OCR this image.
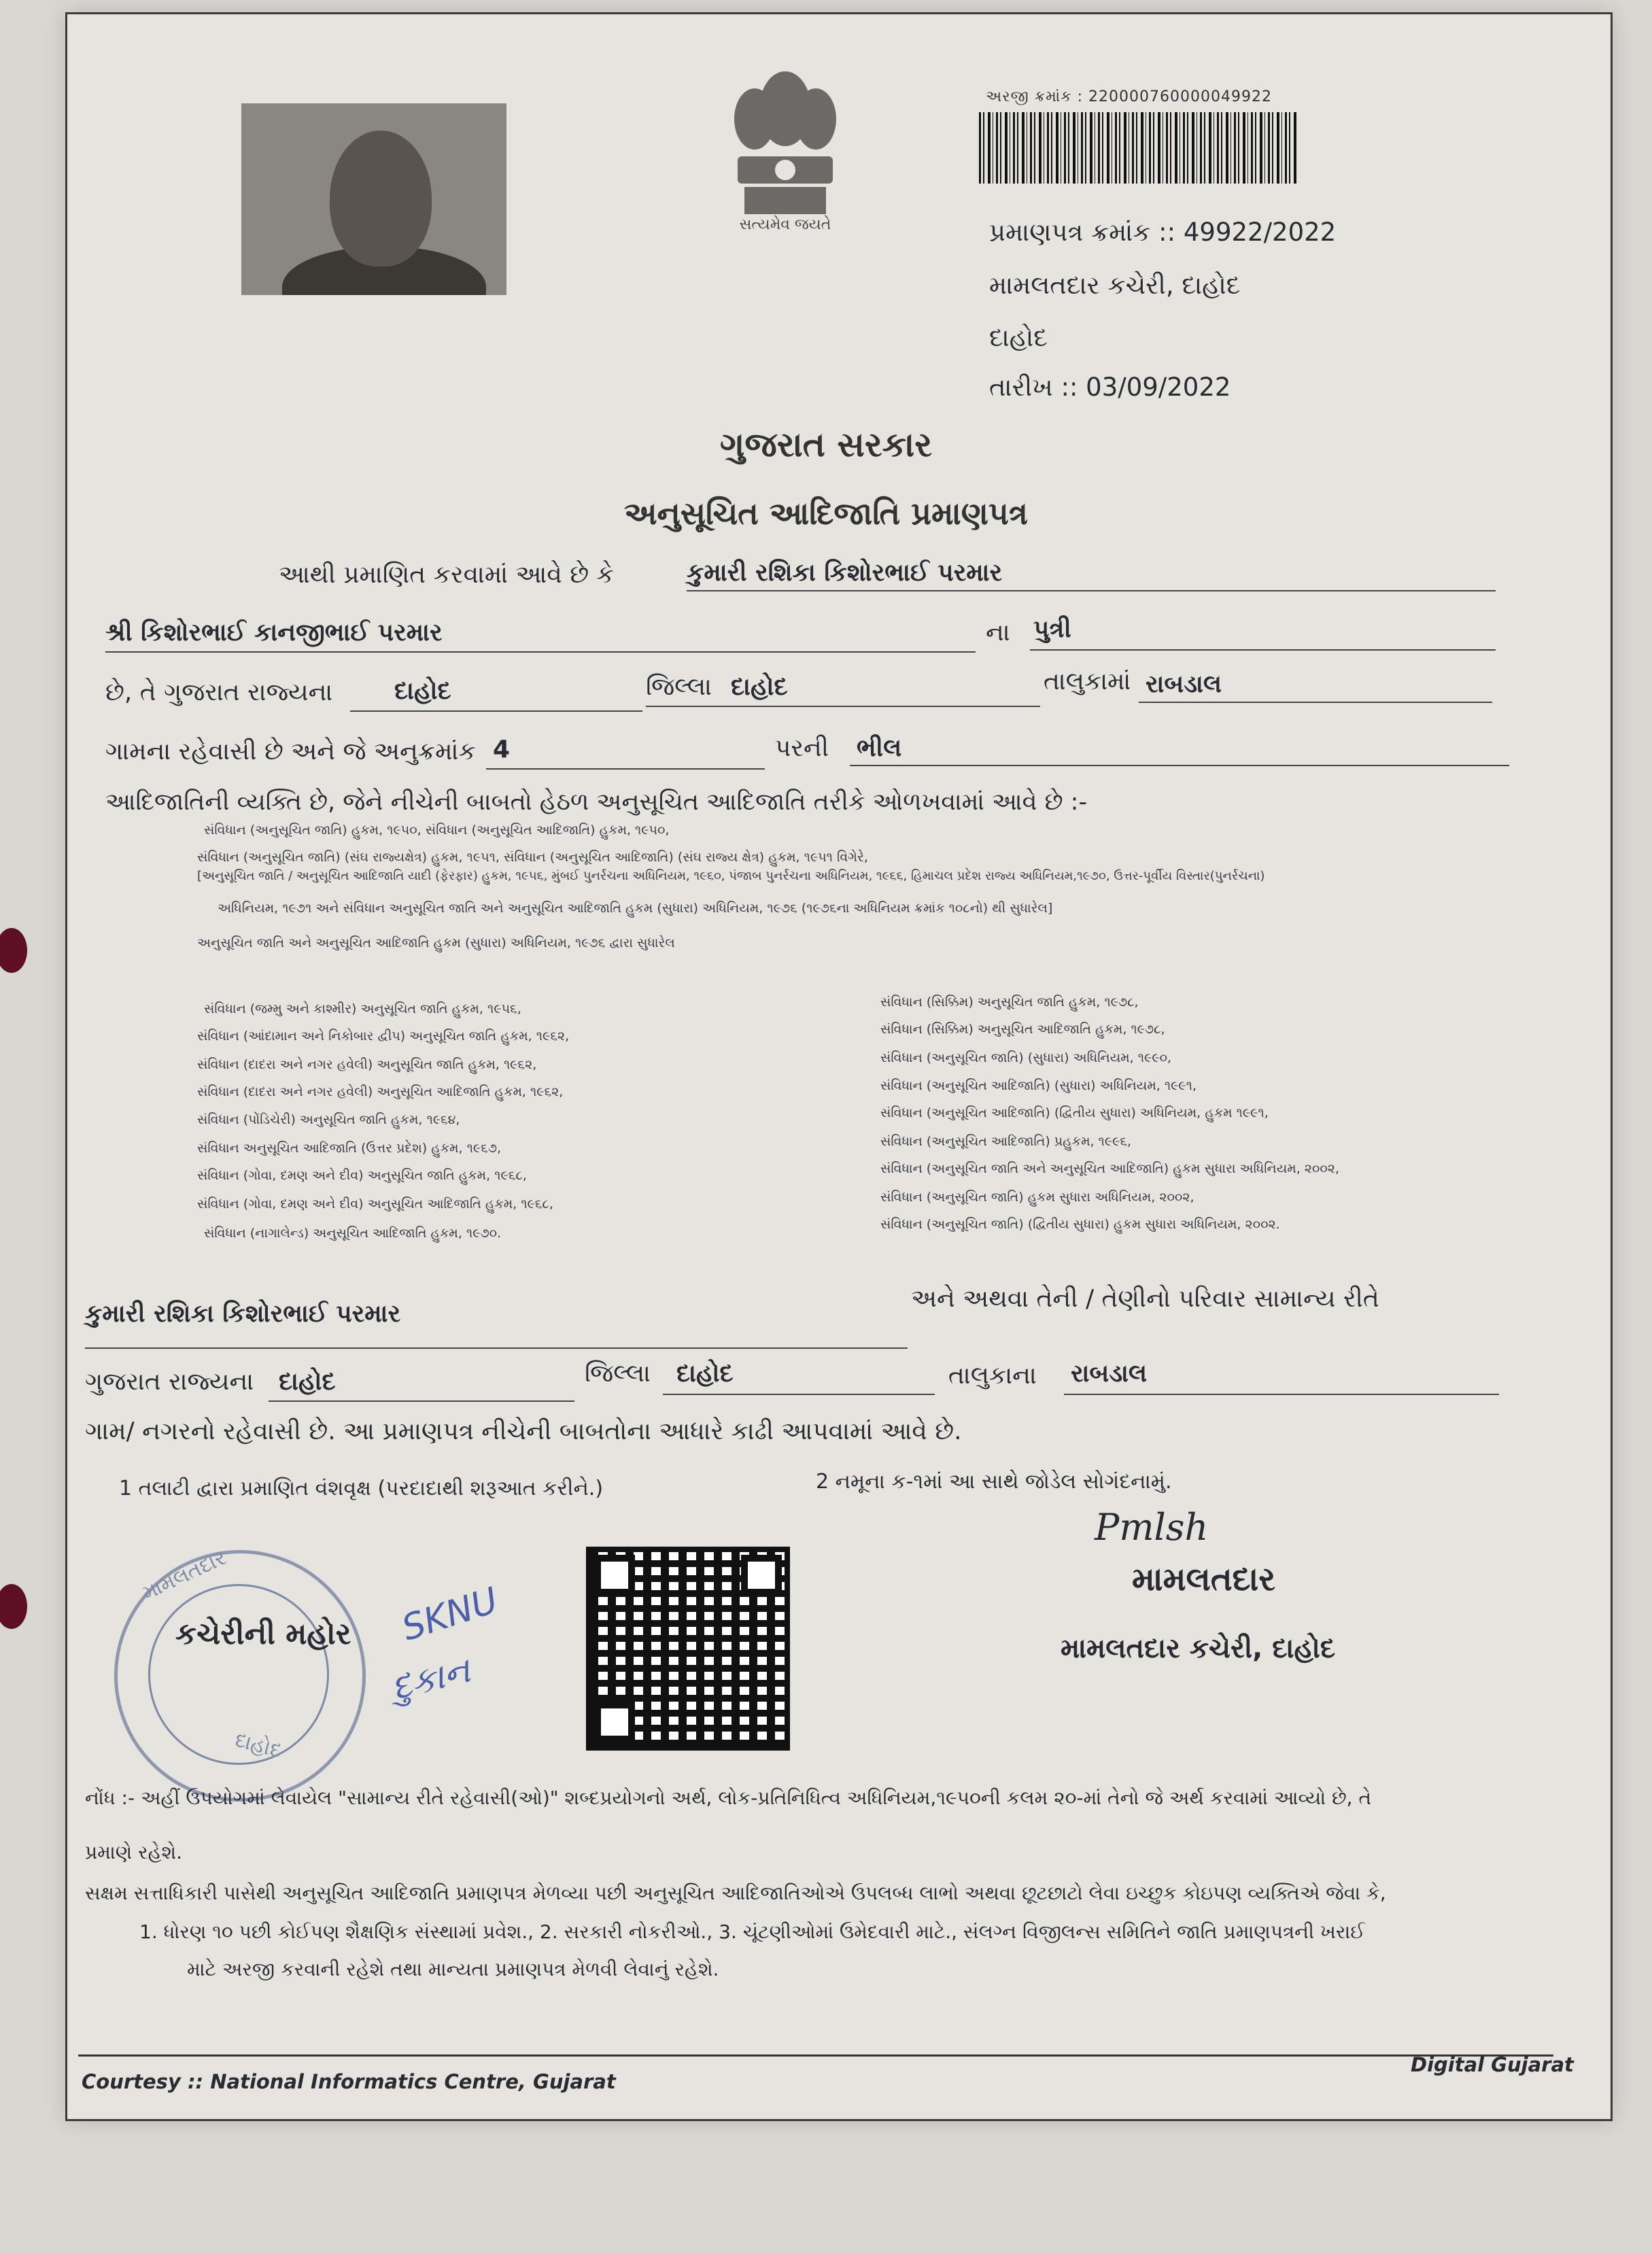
સત્યમેવ જયતે
અરજી ક્રમાંક : 220000760000049922
પ્રમાણપત્ર ક્રમાંક :: 49922/2022
મામલતદાર કચેરી, દાહોદ
દાહોદ
તારીખ :: 03/09/2022
ગુજરાત સરકાર
અનુસૂચિત આદિજાતિ પ્રમાણપત્ર
આથી પ્રમાણિત કરવામાં આવે છે કે	કુમારી રશિકા કિશોરભાઈ પરમાર
શ્રી કિશોરભાઈ કાનજીભાઈ પરમાર	ના પુત્રી
છે, તે ગુજરાત રાજ્યના	દાહોદ	જિલ્લા દાહોદ	તાલુકામાં રાબડાલ
ગામના રહેવાસી છે અને જે અનુક્રમાંક 4	પરની ભીલ
આદિજાતિની વ્યક્તિ છે, જેને નીચેની બાબતો હેઠળ અનુસૂચિત આદિજાતિ તરીકે ઓળખવામાં આવે છે :-
સંવિધાન (અનુસૂચિત જાતિ) હુકમ, ૧૯૫૦, સંવિધાન (અનુસૂચિત આદિજાતિ) હુકમ, ૧૯૫૦,
સંવિધાન (અનુસૂચિત જાતિ) (સંઘ રાજ્યક્ષેત્ર) હુકમ, ૧૯૫૧, સંવિધાન (અનુસૂચિત આદિજાતિ) (સંઘ રાજ્ય ક્ષેત્ર) હુકમ, ૧૯૫૧ વિગેરે,
[અનુસૂચિત જાતિ / અનુસૂચિત આદિજાતિ યાદી (ફેરફાર) હુકમ, ૧૯૫૬, મુંબઈ પુનર્રચના અધિનિયમ, ૧૯૬૦, પંજાબ પુનર્રચના અધિનિયમ, ૧૯૬૬, હિમાચલ પ્રદેશ રાજ્ય અધિનિયમ,૧૯૭૦, ઉત્તર-પૂર્વીય વિસ્તાર(પુનર્રચના)
અધિનિયમ, ૧૯૭૧ અને સંવિધાન અનુસૂચિત જાતિ અને અનુસૂચિત આદિજાતિ હુકમ (સુધારા) અધિનિયમ, ૧૯૭૬ (૧૯૭૬ના અધિનિયમ ક્રમાંક ૧૦૮નો) થી સુધારેલ]
અનુસૂચિત જાતિ અને અનુસૂચિત આદિજાતિ હુકમ (સુધારા) અધિનિયમ, ૧૯૭૬ દ્વારા સુધારેલ
સંવિધાન (જમ્મુ અને કાશ્મીર) અનુસૂચિત જાતિ હુકમ, ૧૯૫૬,
સંવિધાન (આંદામાન અને નિકોબાર દ્વીપ) અનુસૂચિત જાતિ હુકમ, ૧૯૬૨,
સંવિધાન (દાદરા અને નગર હવેલી) અનુસૂચિત જાતિ હુકમ, ૧૯૬૨,
સંવિધાન (દાદરા અને નગર હવેલી) અનુસૂચિત આદિજાતિ હુકમ, ૧૯૬૨,
સંવિધાન (પોંડિચેરી) અનુસૂચિત જાતિ હુકમ, ૧૯૬૪,
સંવિધાન અનુસૂચિત આદિજાતિ (ઉત્તર પ્રદેશ) હુકમ, ૧૯૬૭,
સંવિધાન (ગોવા, દમણ અને દીવ) અનુસૂચિત જાતિ હુકમ, ૧૯૬૮,
સંવિધાન (ગોવા, દમણ અને દીવ) અનુસૂચિત આદિજાતિ હુકમ, ૧૯૬૮,
સંવિધાન (નાગાલેન્ડ) અનુસૂચિત આદિજાતિ હુકમ, ૧૯૭૦.
સંવિધાન (સિક્કિમ) અનુસૂચિત જાતિ હુકમ, ૧૯૭૮,
સંવિધાન (સિક્કિમ) અનુસૂચિત આદિજાતિ હુકમ, ૧૯૭૮,
સંવિધાન (અનુસૂચિત જાતિ) (સુધારા) અધિનિયમ, ૧૯૯૦,
સંવિધાન (અનુસૂચિત આદિજાતિ) (સુધારા) અધિનિયમ, ૧૯૯૧,
સંવિધાન (અનુસૂચિત આદિજાતિ) (દ્વિતીય સુધારા) અધિનિયમ, હુકમ ૧૯૯૧,
સંવિધાન (અનુસૂચિત આદિજાતિ) પ્રહુકમ, ૧૯૯૬,
સંવિધાન (અનુસૂચિત જાતિ અને અનુસૂચિત આદિજાતિ) હુકમ સુધારા અધિનિયમ, ૨૦૦૨,
સંવિધાન (અનુસૂચિત જાતિ) હુકમ સુધારા અધિનિયમ, ૨૦૦૨,
સંવિધાન (અનુસૂચિત જાતિ) (દ્વિતીય સુધારા) હુકમ સુધારા અધિનિયમ, ૨૦૦૨.
કુમારી રશિકા કિશોરભાઈ પરમાર
અને અથવા તેની / તેણીનો પરિવાર સામાન્ય રીતે
ગુજરાત રાજ્યના દાહોદ	જિલ્લા દાહોદ	તાલુકાના રાબડાલ
ગામ/ નગરનો રહેવાસી છે. આ પ્રમાણપત્ર નીચેની બાબતોના આધારે કાઢી આપવામાં આવે છે.
1 તલાટી દ્વારા પ્રમાણિત વંશવૃક્ષ (પરદાદાથી શરૂઆત કરીને.)	2 નમૂના ક-૧માં આ સાથે જોડેલ સોગંદનામું.
મામલતદાર
દાહોદ
કચેરીની મહોર SKNU
દુકાન
Pmlsh
મામલતદાર
મામલતદાર કચેરી, દાહોદ
નોંધ :- અહીં ઉપયોગમાં લેવાયેલ "સામાન્ય રીતે રહેવાસી(ઓ)" શબ્દપ્રયોગનો અર્થ, લોક-પ્રતિનિધિત્વ અધિનિયમ,૧૯૫૦ની કલમ ૨૦-માં તેનો જે અર્થ કરવામાં આવ્યો છે, તે
પ્રમાણે રહેશે.
સક્ષમ સત્તાધિકારી પાસેથી અનુસૂચિત આદિજાતિ પ્રમાણપત્ર મેળવ્યા પછી અનુસૂચિત આદિજાતિઓએ ઉપલબ્ધ લાભો અથવા છૂટછાટો લેવા ઇચ્છુક કોઇપણ વ્યક્તિએ જેવા કે,
1. ધોરણ ૧૦ પછી કોઈપણ શૈક્ષણિક સંસ્થામાં પ્રવેશ., 2. સરકારી નોકરીઓ., 3. ચૂંટણીઓમાં ઉમેદવારી માટે., સંલગ્ન વિજીલન્સ સમિતિને જાતિ પ્રમાણપત્રની ખરાઈ
માટે અરજી કરવાની રહેશે તથા માન્યતા પ્રમાણપત્ર મેળવી લેવાનું રહેશે.
Courtesy :: National Informatics Centre, Gujarat
Digital Gujarat
